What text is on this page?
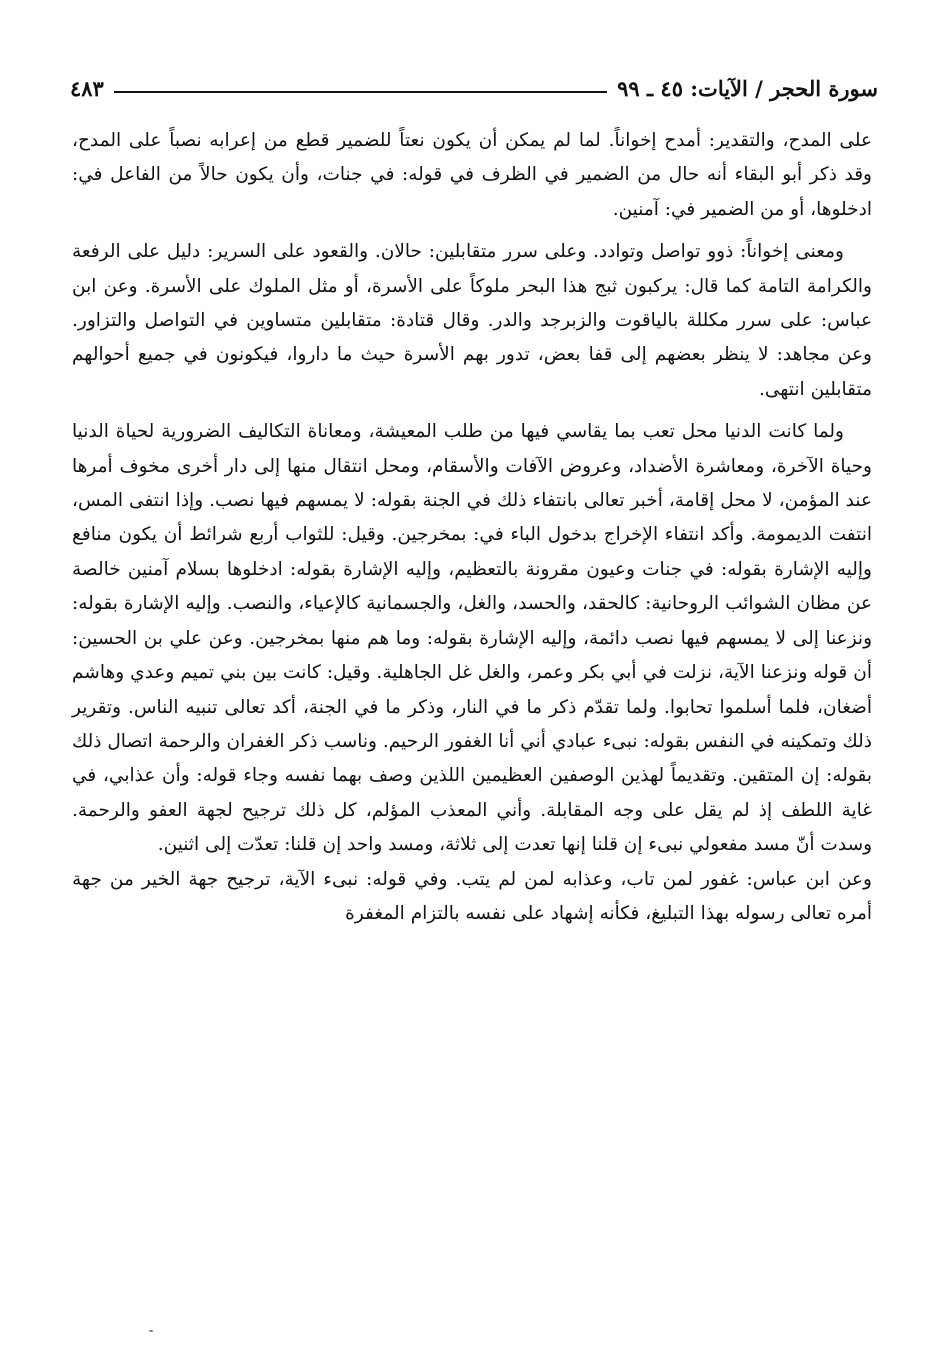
سورة الحجر / الآيات: ٤٥ ـ ٩٩
٤٨٣

على المدح، والتقدير: أمدح إخواناً. لما لم يمكن أن يكون نعتاً للضمير قطع من إعرابه نصباً على المدح، وقد ذكر أبو البقاء أنه حال من الضمير في الظرف في قوله: في جنات، وأن يكون حالاً من الفاعل في: ادخلوها، أو من الضمير في: آمنين.

ومعنى إخواناً: ذوو تواصل وتوادد. وعلى سرر متقابلين: حالان. والقعود على السرير: دليل على الرفعة والكرامة التامة كما قال: يركبون ثبج هذا البحر ملوكاً على الأسرة، أو مثل الملوك على الأسرة. وعن ابن عباس: على سرر مكللة بالياقوت والزبرجد والدر. وقال قتادة: متقابلين متساوين في التواصل والتزاور. وعن مجاهد: لا ينظر بعضهم إلى قفا بعض، تدور بهم الأسرة حيث ما داروا، فيكونون في جميع أحوالهم متقابلين انتهى.

ولما كانت الدنيا محل تعب بما يقاسي فيها من طلب المعيشة، ومعاناة التكاليف الضرورية لحياة الدنيا وحياة الآخرة، ومعاشرة الأضداد، وعروض الآفات والأسقام، ومحل انتقال منها إلى دار أخرى مخوف أمرها عند المؤمن، لا محل إقامة، أخبر تعالى بانتفاء ذلك في الجنة بقوله: لا يمسهم فيها نصب. وإذا انتفى المس، انتفت الديمومة. وأكد انتفاء الإخراج بدخول الباء في: بمخرجين. وقيل: للثواب أربع شرائط أن يكون منافع وإليه الإشارة بقوله: في جنات وعيون مقرونة بالتعظيم، وإليه الإشارة بقوله: ادخلوها بسلام آمنين خالصة عن مظان الشوائب الروحانية: كالحقد، والحسد، والغل، والجسمانية كالإعياء، والنصب. وإليه الإشارة بقوله: ونزعنا إلى لا يمسهم فيها نصب دائمة، وإليه الإشارة بقوله: وما هم منها بمخرجين. وعن علي بن الحسين: أن قوله ونزعنا الآية، نزلت في أبي بكر وعمر، والغل غل الجاهلية. وقيل: كانت بين بني تميم وعدي وهاشم أضغان، فلما أسلموا تحابوا. ولما تقدّم ذكر ما في النار، وذكر ما في الجنة، أكد تعالى تنبيه الناس. وتقرير ذلك وتمكينه في النفس بقوله: نبىء عبادي أني أنا الغفور الرحيم. وناسب ذكر الغفران والرحمة اتصال ذلك بقوله: إن المتقين. وتقديماً لهذين الوصفين العظيمين اللذين وصف بهما نفسه وجاء قوله: وأن عذابي، في غاية اللطف إذ لم يقل على وجه المقابلة. وأني المعذب المؤلم، كل ذلك ترجيح لجهة العفو والرحمة. وسدت أنّ مسد مفعولي نبىء إن قلنا إنها تعدت إلى ثلاثة، ومسد واحد إن قلنا: تعدّت إلى اثنين.

وعن ابن عباس: غفور لمن تاب، وعذابه لمن لم يتب. وفي قوله: نبىء الآية، ترجيح جهة الخير من جهة أمره تعالى رسوله بهذا التبليغ، فكأنه إشهاد على نفسه بالتزام المغفرة
